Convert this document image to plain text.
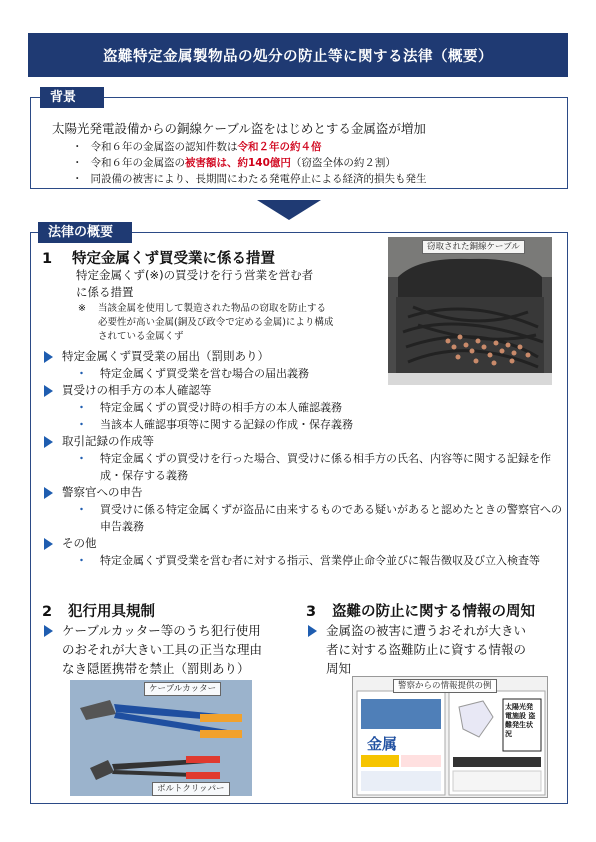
盗難特定金属製物品の処分の防止等に関する法律（概要）
背景
太陽光発電設備からの銅線ケーブル盗をはじめとする金属盗が増加
・ 令和６年の金属盗の認知件数は令和２年の約４倍
・ 令和６年の金属盗の被害額は、約140億円（窃盗全体の約２割）
・ 同設備の被害により、長期間にわたる発電停止による経済的損失も発生
法律の概要
1 特定金属くず買受業に係る措置
特定金属くず(※)の買受けを行う営業を営む者
に係る措置
※ 当該金属を使用して製造された物品の窃取を防止する
必要性が高い金属(銅及び政令で定める金属)により構成
されている金属くず
窃取された銅線ケーブル
特定金属くず買受業の届出（罰則あり）
・ 特定金属くず買受業を営む場合の届出義務
買受けの相手方の本人確認等
・ 特定金属くずの買受け時の相手方の本人確認義務
・ 当該本人確認事項等に関する記録の作成・保存義務
取引記録の作成等
・ 特定金属くずの買受けを行った場合、買受けに係る相手方の氏名、内容等に関する記録を作成・保存する義務
警察官への申告
・ 買受けに係る特定金属くずが盗品に由来するものである疑いがあると認めたときの警察官への申告義務
その他
・ 特定金属くず買受業を営む者に対する指示、営業停止命令並びに報告徴収及び立入検査等
2 犯行用具規制
ケーブルカッター等のうち犯行使用
のおそれが大きい工具の正当な理由
なき隠匿携帯を禁止（罰則あり）
ケーブルカッター
ボルトクリッパー
3 盗難の防止に関する情報の周知
金属盗の被害に遭うおそれが大きい
者に対する盗難防止に資する情報の
周知
警察からの情報提供の例
金属
太陽光発電施設 盗難発生状況
